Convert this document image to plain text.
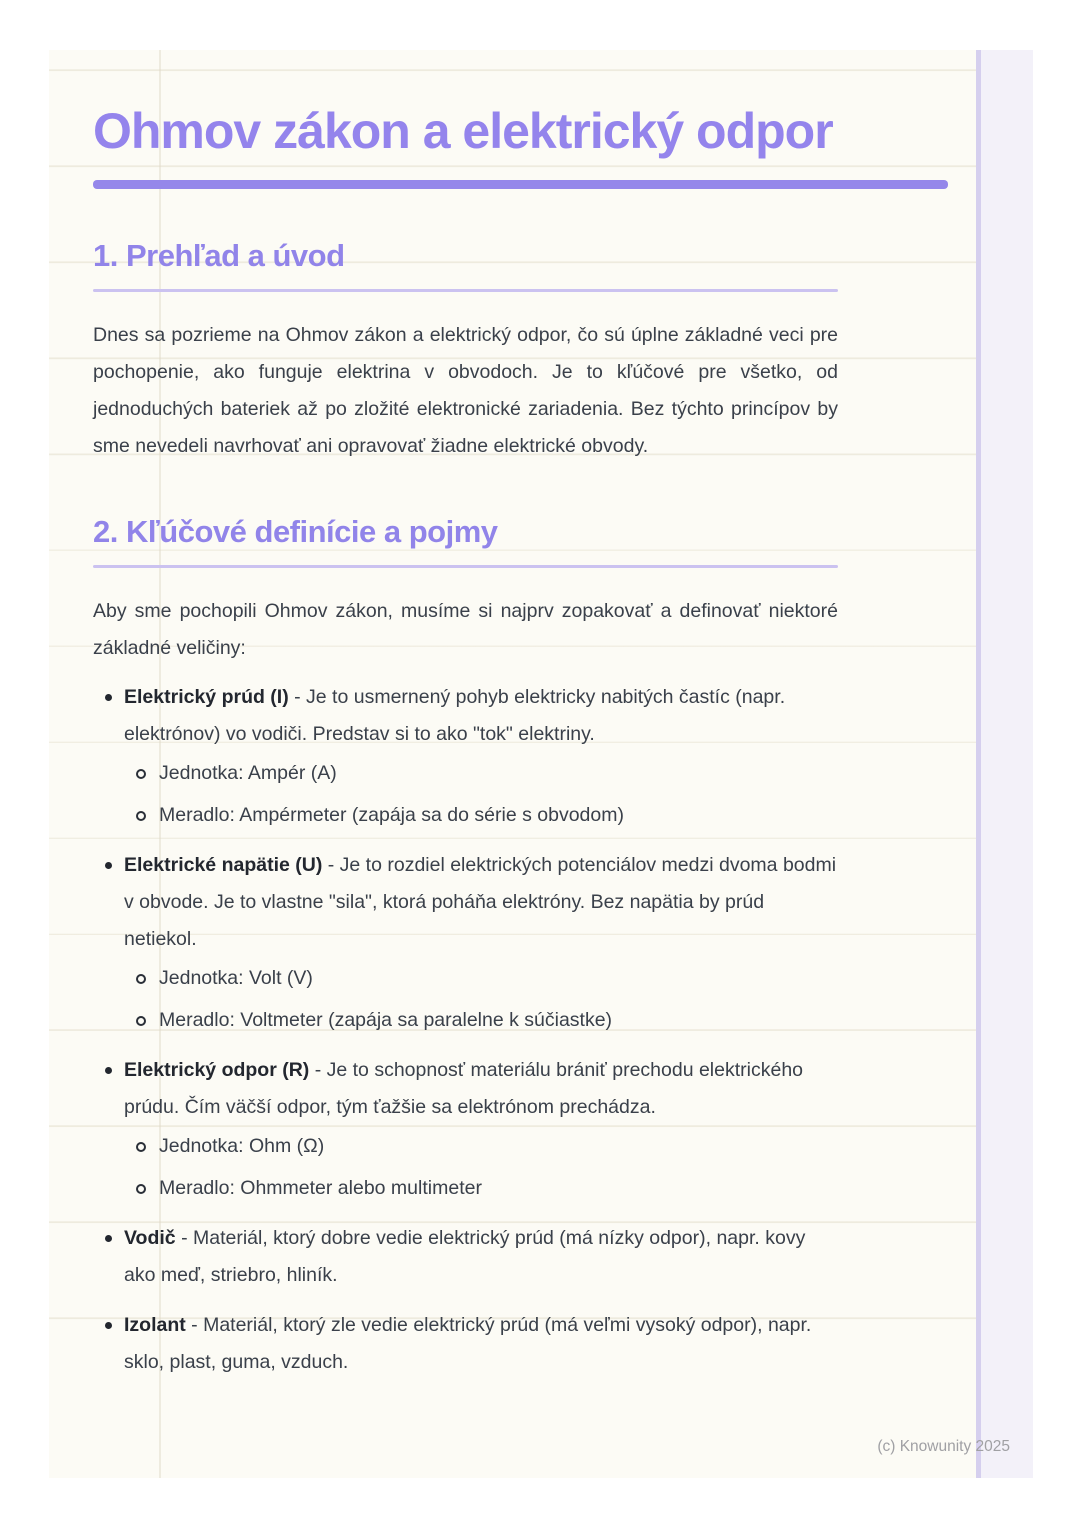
Ohmov zákon a elektrický odpor
1. Prehľad a úvod

Dnes sa pozrieme na Ohmov zákon a elektrický odpor, čo sú úplne základné veci pre pochopenie, ako funguje elektrina v obvodoch. Je to kľúčové pre všetko, od jednoduchých bateriek až po zložité elektronické zariadenia. Bez týchto princípov by sme nevedeli navrhovať ani opravovať žiadne elektrické obvody.

2. Kľúčové definície a pojmy

Aby sme pochopili Ohmov zákon, musíme si najprv zopakovať a definovať niektoré základné veličiny:

Elektrický prúd (I) - Je to usmernený pohyb elektricky nabitých častíc (napr. elektrónov) vo vodiči. Predstav si to ako "tok" elektriny.
Jednotka: Ampér (A)
Meradlo: Ampérmeter (zapája sa do série s obvodom)
Elektrické napätie (U) - Je to rozdiel elektrických potenciálov medzi dvoma bodmi v obvode. Je to vlastne "sila", ktorá poháňa elektróny. Bez napätia by prúd netiekol.
Jednotka: Volt (V)
Meradlo: Voltmeter (zapája sa paralelne k súčiastke)
Elektrický odpor (R) - Je to schopnosť materiálu brániť prechodu elektrického prúdu. Čím väčší odpor, tým ťažšie sa elektrónom prechádza.
Jednotka: Ohm (Ω)
Meradlo: Ohmmeter alebo multimeter
Vodič - Materiál, ktorý dobre vedie elektrický prúd (má nízky odpor), napr. kovy ako meď, striebro, hliník.
Izolant - Materiál, ktorý zle vedie elektrický prúd (má veľmi vysoký odpor), napr. sklo, plast, guma, vzduch.
(c) Knowunity 2025
